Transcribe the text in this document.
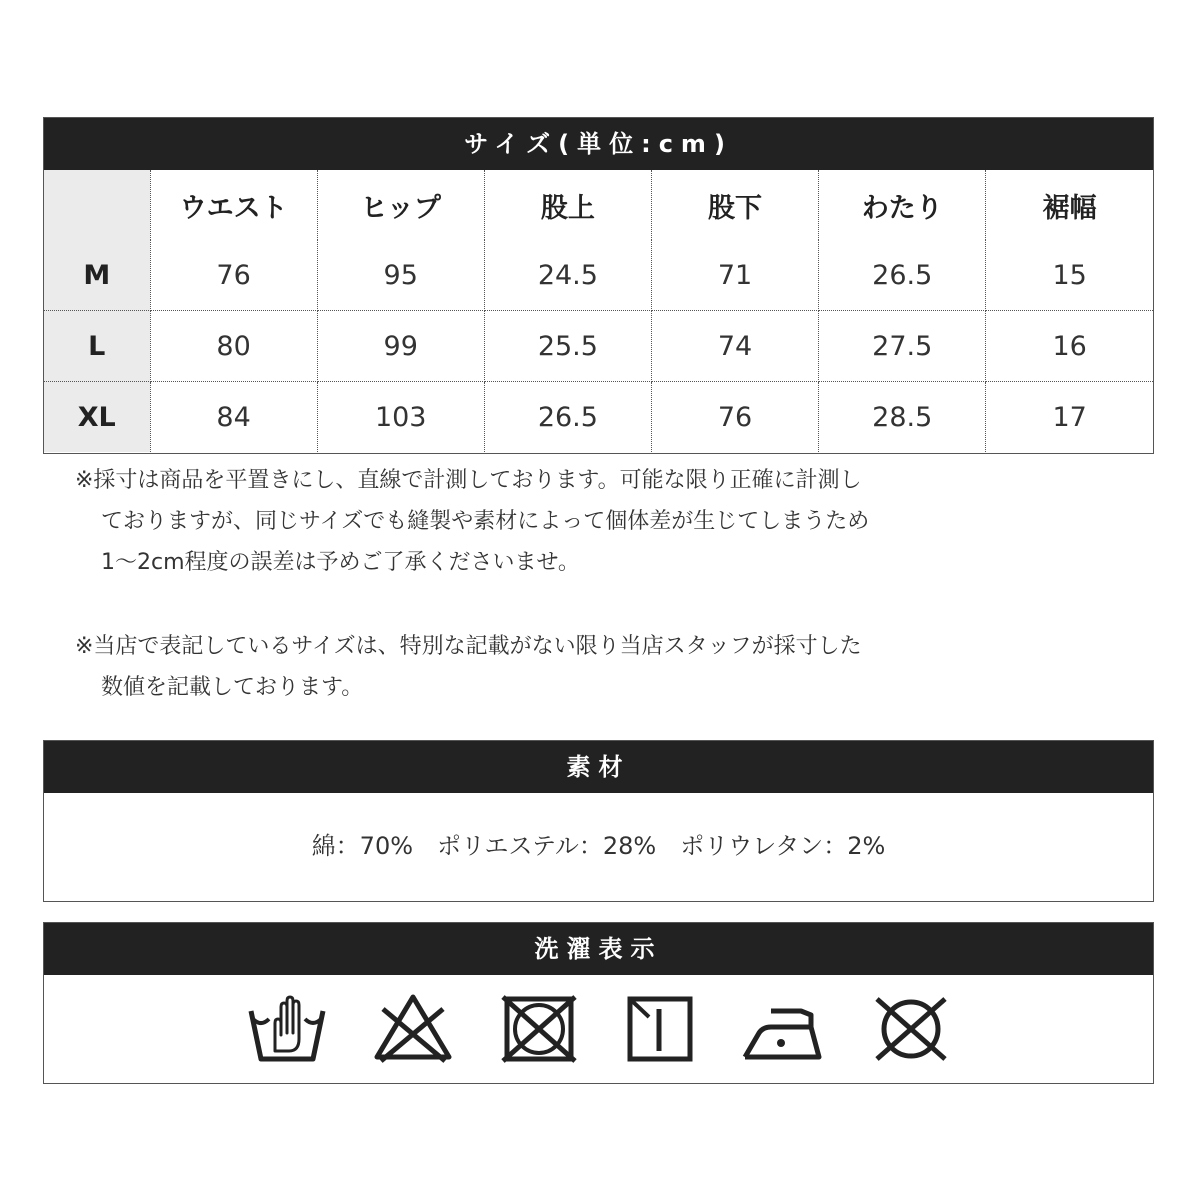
サイズ(単位:cm)
	ウエスト	ヒップ	股上	股下	わたり	裾幅
M	76	95	24.5	71	26.5	15
L	80	99	25.5	74	27.5	16
XL	84	103	26.5	76	28.5	17
※採寸は商品を平置きにし、直線で計測しております。可能な限り正確に計測し
ておりますが、同じサイズでも縫製や素材によって個体差が生じてしまうため
1～2cm程度の誤差は予めご了承くださいませ。
※当店で表記しているサイズは、特別な記載がない限り当店スタッフが採寸した
数値を記載しております。
素材
綿：70%　ポリエステル：28%　ポリウレタン：2%
洗濯表示
